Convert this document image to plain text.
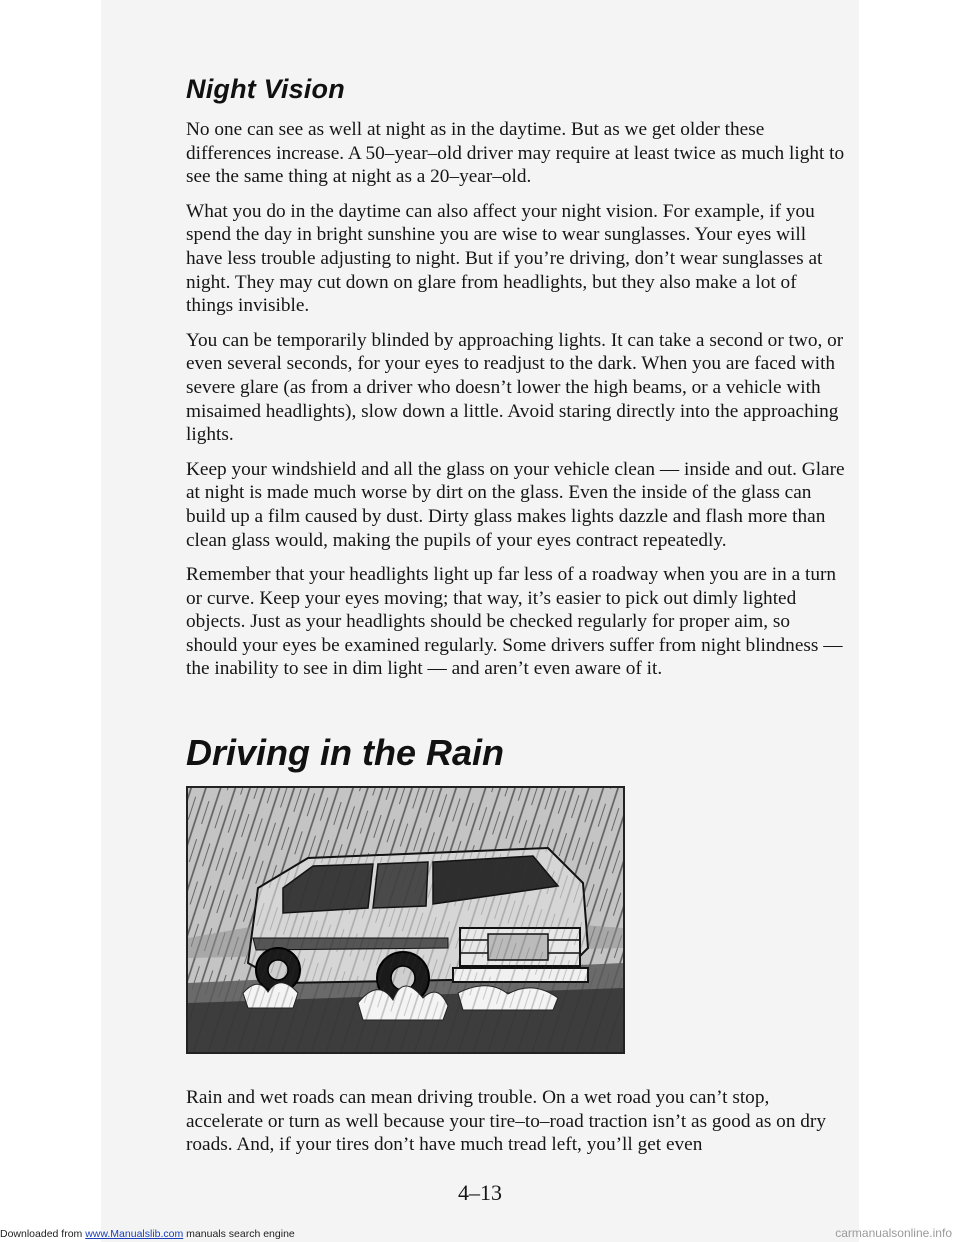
Night Vision

No one can see as well at night as in the daytime. But as we get older these differences increase. A 50–year–old driver may require at least twice as much light to see the same thing at night as a 20–year–old.

What you do in the daytime can also affect your night vision. For example, if you spend the day in bright sunshine you are wise to wear sunglasses. Your eyes will have less trouble adjusting to night. But if you’re driving, don’t wear sunglasses at night. They may cut down on glare from headlights, but they also make a lot of things invisible.

You can be temporarily blinded by approaching lights. It can take a second or two, or even several seconds, for your eyes to readjust to the dark. When you are faced with severe glare (as from a driver who doesn’t lower the high beams, or a vehicle with misaimed headlights), slow down a little. Avoid staring directly into the approaching lights.

Keep your windshield and all the glass on your vehicle clean — inside and out. Glare at night is made much worse by dirt on the glass. Even the inside of the glass can build up a film caused by dust. Dirty glass makes lights dazzle and flash more than clean glass would, making the pupils of your eyes contract repeatedly.

Remember that your headlights light up far less of a roadway when you are in a turn or curve. Keep your eyes moving; that way, it’s easier to pick out dimly lighted objects. Just as your headlights should be checked regularly for proper aim, so should your eyes be examined regularly. Some drivers suffer from night blindness — the inability to see in dim light — and aren’t even aware of it.

Driving in the Rain

Rain and wet roads can mean driving trouble. On a wet road you can’t stop, accelerate or turn as well because your tire–to–road traction isn’t as good as on dry roads. And, if your tires don’t have much tread left, you’ll get even

4–13
Downloaded from www.Manualslib.com manuals search engine	carmanualsonline.info
